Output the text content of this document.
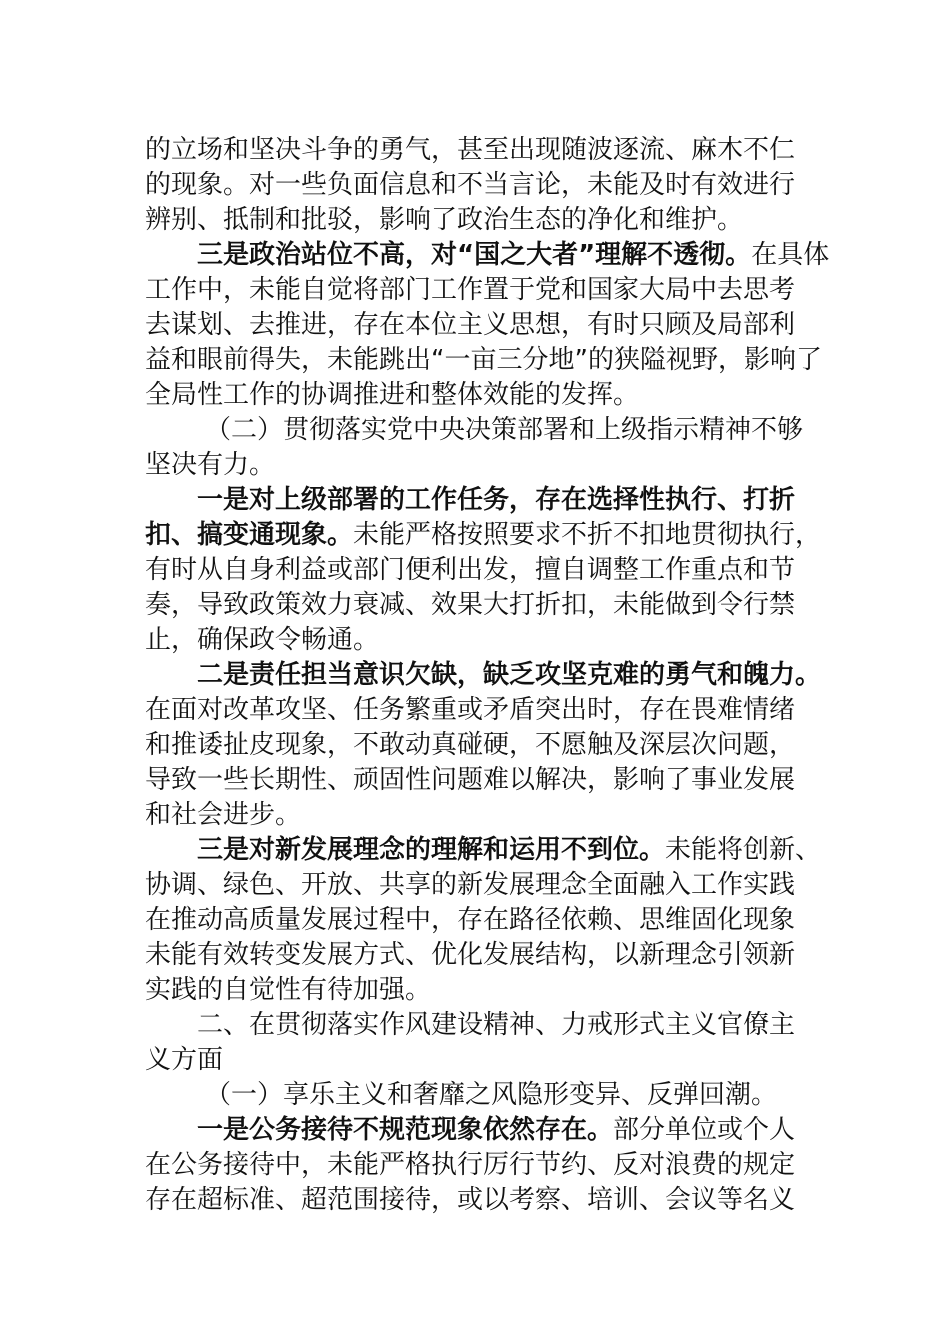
的立场和坚决斗争的勇气，甚至出现随波逐流、麻木不仁
的现象。对一些负面信息和不当言论，未能及时有效进行
辨别、抵制和批驳，影响了政治生态的净化和维护。
三是政治站位不高，对“国之大者”理解不透彻。在具体
工作中，未能自觉将部门工作置于党和国家大局中去思考
去谋划、去推进，存在本位主义思想，有时只顾及局部利
益和眼前得失，未能跳出“一亩三分地”的狭隘视野，影响了
全局性工作的协调推进和整体效能的发挥。
（二）贯彻落实党中央决策部署和上级指示精神不够
坚决有力。
一是对上级部署的工作任务，存在选择性执行、打折
扣、搞变通现象。未能严格按照要求不折不扣地贯彻执行，
有时从自身利益或部门便利出发，擅自调整工作重点和节
奏，导致政策效力衰减、效果大打折扣，未能做到令行禁
止，确保政令畅通。
二是责任担当意识欠缺，缺乏攻坚克难的勇气和魄力。
在面对改革攻坚、任务繁重或矛盾突出时，存在畏难情绪
和推诿扯皮现象，不敢动真碰硬，不愿触及深层次问题，
导致一些长期性、顽固性问题难以解决，影响了事业发展
和社会进步。
三是对新发展理念的理解和运用不到位。未能将创新、
协调、绿色、开放、共享的新发展理念全面融入工作实践
在推动高质量发展过程中，存在路径依赖、思维固化现象
未能有效转变发展方式、优化发展结构，以新理念引领新
实践的自觉性有待加强。
二、在贯彻落实作风建设精神、力戒形式主义官僚主
义方面
（一）享乐主义和奢靡之风隐形变异、反弹回潮。
一是公务接待不规范现象依然存在。部分单位或个人
在公务接待中，未能严格执行厉行节约、反对浪费的规定
存在超标准、超范围接待，或以考察、培训、会议等名义
